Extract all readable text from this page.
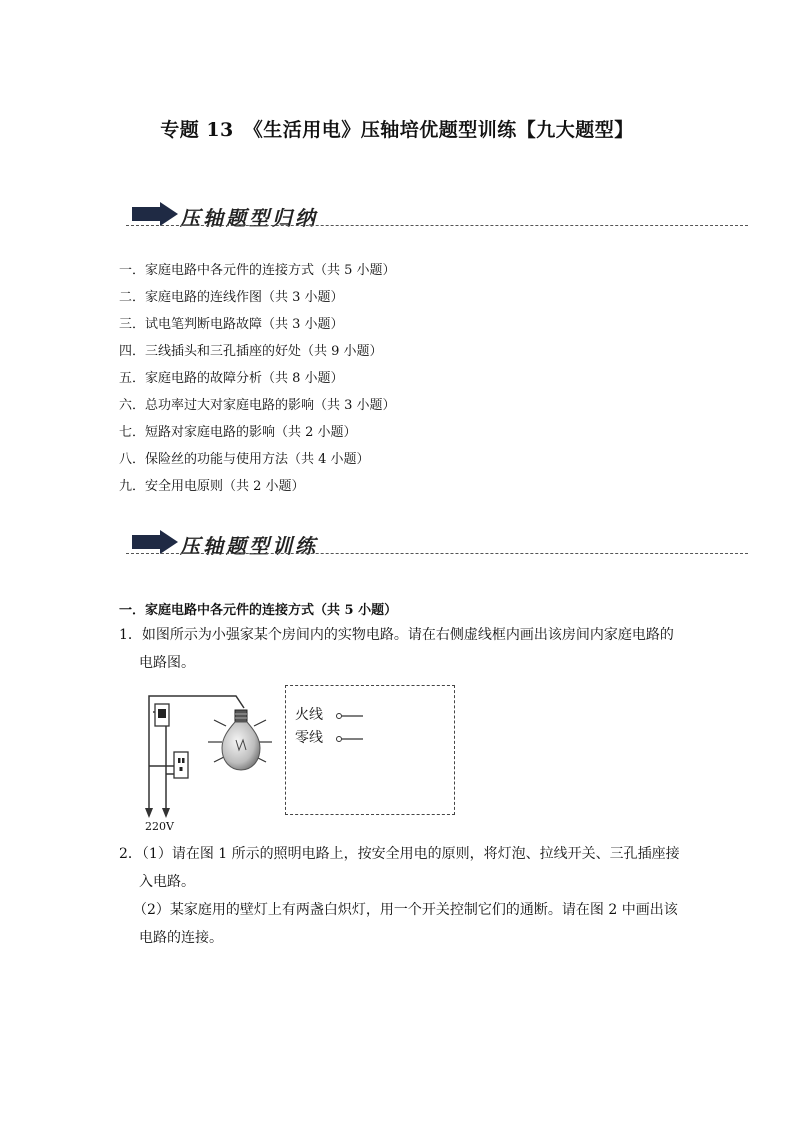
专题 13　《生活用电》压轴培优题型训练【九大题型】
压轴题型归纳
一．家庭电路中各元件的连接方式（共 5 小题）
二．家庭电路的连线作图（共 3 小题）
三．试电笔判断电路故障（共 3 小题）
四．三线插头和三孔插座的好处（共 9 小题）
五．家庭电路的故障分析（共 8 小题）
六．总功率过大对家庭电路的影响（共 3 小题）
七．短路对家庭电路的影响（共 2 小题）
八．保险丝的功能与使用方法（共 4 小题）
九．安全用电原则（共 2 小题）
压轴题型训练
一．家庭电路中各元件的连接方式（共 5 小题）
1．如图所示为小强家某个房间内的实物电路。请在右侧虚线框内画出该房间内家庭电路的
电路图。
火线
零线
220V
2．（1）请在图 1 所示的照明电路上，按安全用电的原则，将灯泡、拉线开关、三孔插座接
入电路。
（2）某家庭用的壁灯上有两盏白炽灯，用一个开关控制它们的通断。请在图 2 中画出该
电路的连接。
